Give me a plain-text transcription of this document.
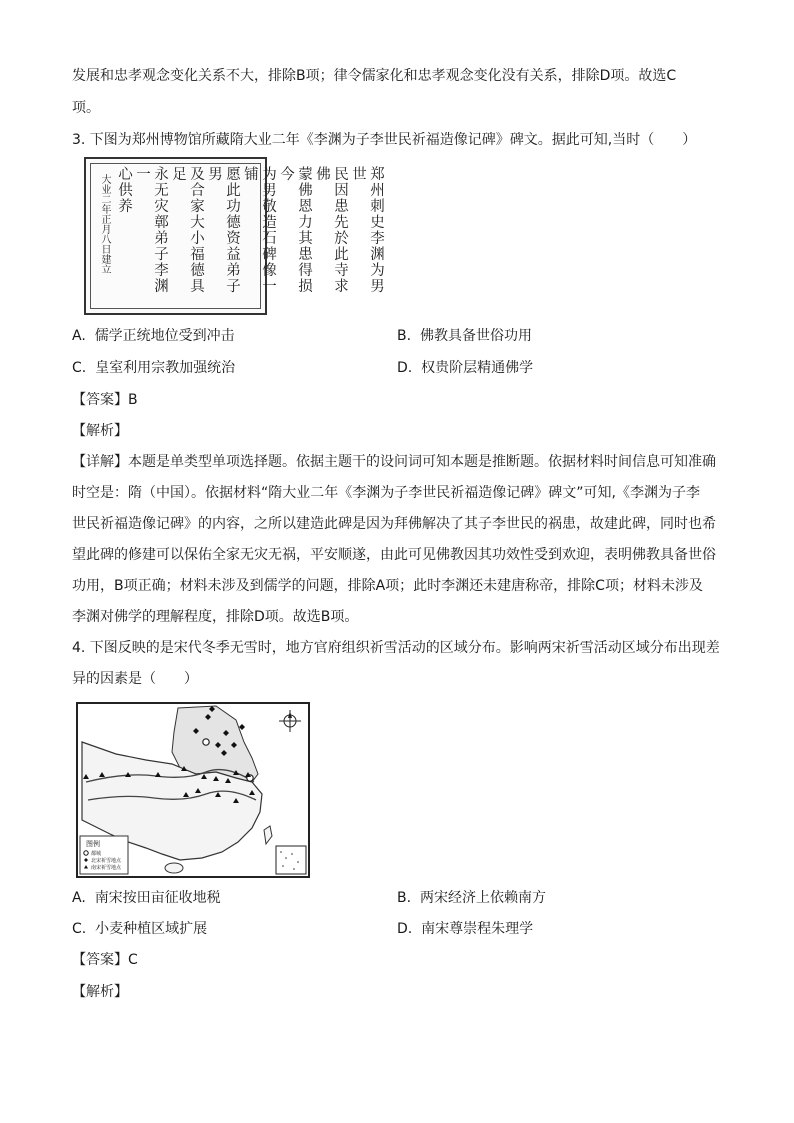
发展和忠孝观念变化关系不大，排除B项；律令儒家化和忠孝观念变化没有关系，排除D项。故选C
项。
3. 下图为郑州博物馆所藏隋大业二年《李渊为子李世民祈福造像记碑》碑文。据此可知,当时（　　）
郑州刺史李渊为男世
民因患先於此寺求佛
蒙佛恩力其患得损今
为男敬造石碑像一铺
愿此功德资益弟子男
及合家大小福德具足
永无灾鄣弟子李渊一
心供养
大业二年正月八日建立
A. 儒学正统地位受到冲击	B. 佛教具备世俗功用
C. 皇室利用宗教加强统治	D. 权贵阶层精通佛学
【答案】B
【解析】
【详解】本题是单类型单项选择题。依据主题干的设问词可知本题是推断题。依据材料时间信息可知准确
时空是：隋（中国）。依据材料“隋大业二年《李渊为子李世民祈福造像记碑》碑文”可知,《李渊为子李
世民祈福造像记碑》的内容，之所以建造此碑是因为拜佛解决了其子李世民的祸患，故建此碑，同时也希
望此碑的修建可以保佑全家无灾无祸，平安顺遂，由此可见佛教因其功效性受到欢迎，表明佛教具备世俗
功用，B项正确；材料未涉及到儒学的问题，排除A项；此时李渊还未建唐称帝，排除C项；材料未涉及
李渊对佛学的理解程度，排除D项。故选B项。
4. 下图反映的是宋代冬季无雪时，地方官府组织祈雪活动的区域分布。影响两宋祈雪活动区域分布出现差
异的因素是（　　）
图例
都城
北宋祈雪地点
南宋祈雪地点
A. 南宋按田亩征收地税	B. 两宋经济上依赖南方
C. 小麦种植区域扩展	D. 南宋尊崇程朱理学
【答案】C
【解析】
